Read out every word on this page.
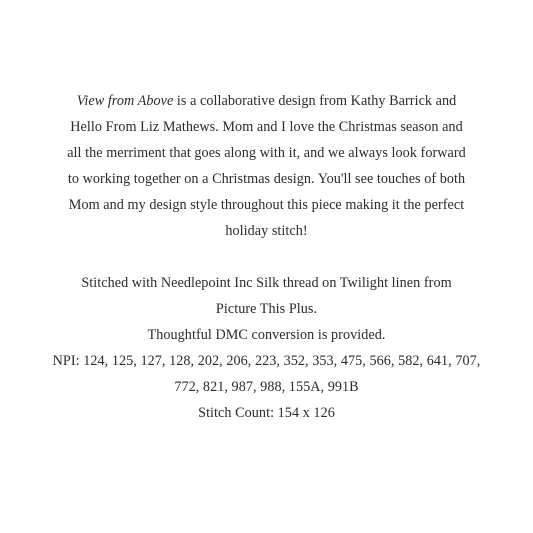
View from Above is a collaborative design from Kathy Barrick and
Hello From Liz Mathews. Mom and I love the Christmas season and
all the merriment that goes along with it, and we always look forward
to working together on a Christmas design. You'll see touches of both
Mom and my design style throughout this piece making it the perfect
holiday stitch!

Stitched with Needlepoint Inc Silk thread on Twilight linen from
Picture This Plus.
Thoughtful DMC conversion is provided.
NPI: 124, 125, 127, 128, 202, 206, 223, 352, 353, 475, 566, 582, 641, 707,
772, 821, 987, 988, 155A, 991B
Stitch Count: 154 x 126
